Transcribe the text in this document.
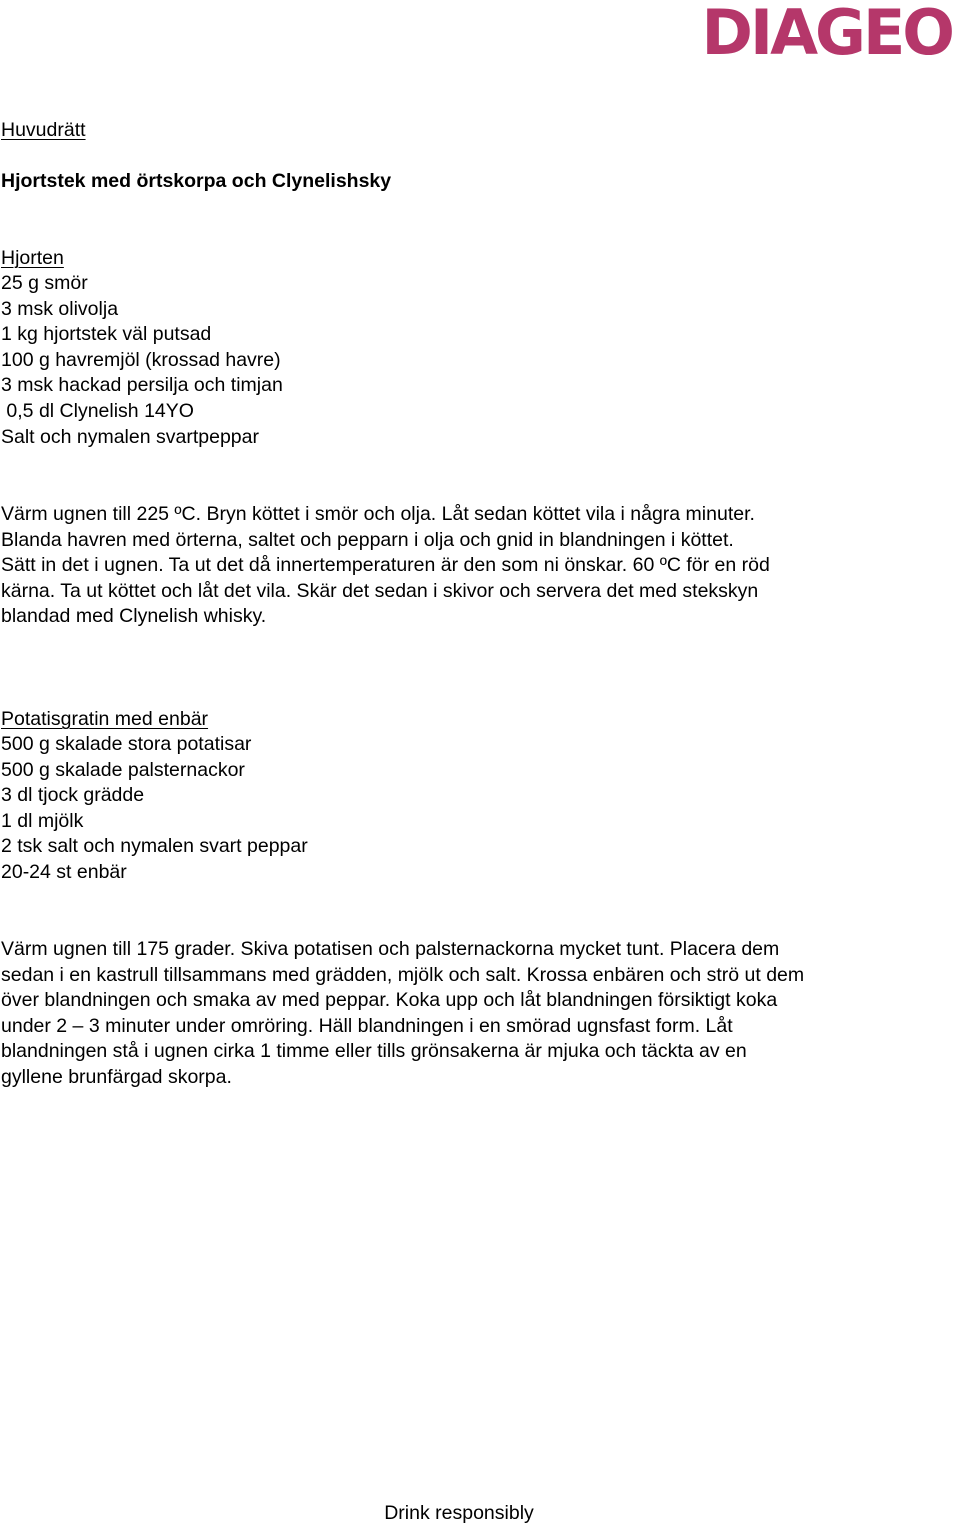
DIAGEO
Huvudrätt
Hjortstek med örtskorpa och Clynelishsky
Hjorten
25 g smör
3 msk olivolja
1 kg hjortstek väl putsad
100 g havremjöl (krossad havre)
3 msk hackad persilja och timjan
0,5 dl Clynelish 14YO
Salt och nymalen svartpeppar
Värm ugnen till 225 ºC. Bryn köttet i smör och olja. Låt sedan köttet vila i några minuter.
Blanda havren med örterna, saltet och pepparn i olja och gnid in blandningen i köttet.
Sätt in det i ugnen. Ta ut det då innertemperaturen är den som ni önskar. 60 ºC för en röd
kärna. Ta ut köttet och låt det vila. Skär det sedan i skivor och servera det med stekskyn
blandad med Clynelish whisky.
Potatisgratin med enbär
500 g skalade stora potatisar
500 g skalade palsternackor
3 dl tjock grädde
1 dl mjölk
2 tsk salt och nymalen svart peppar
20-24 st enbär
Värm ugnen till 175 grader. Skiva potatisen och palsternackorna mycket tunt. Placera dem
sedan i en kastrull tillsammans med grädden, mjölk och salt. Krossa enbären och strö ut dem
över blandningen och smaka av med peppar. Koka upp och låt blandningen försiktigt koka
under 2 – 3 minuter under omröring. Häll blandningen i en smörad ugnsfast form. Låt
blandningen stå i ugnen cirka 1 timme eller tills grönsakerna är mjuka och täckta av en
gyllene brunfärgad skorpa.
Drink responsibly
